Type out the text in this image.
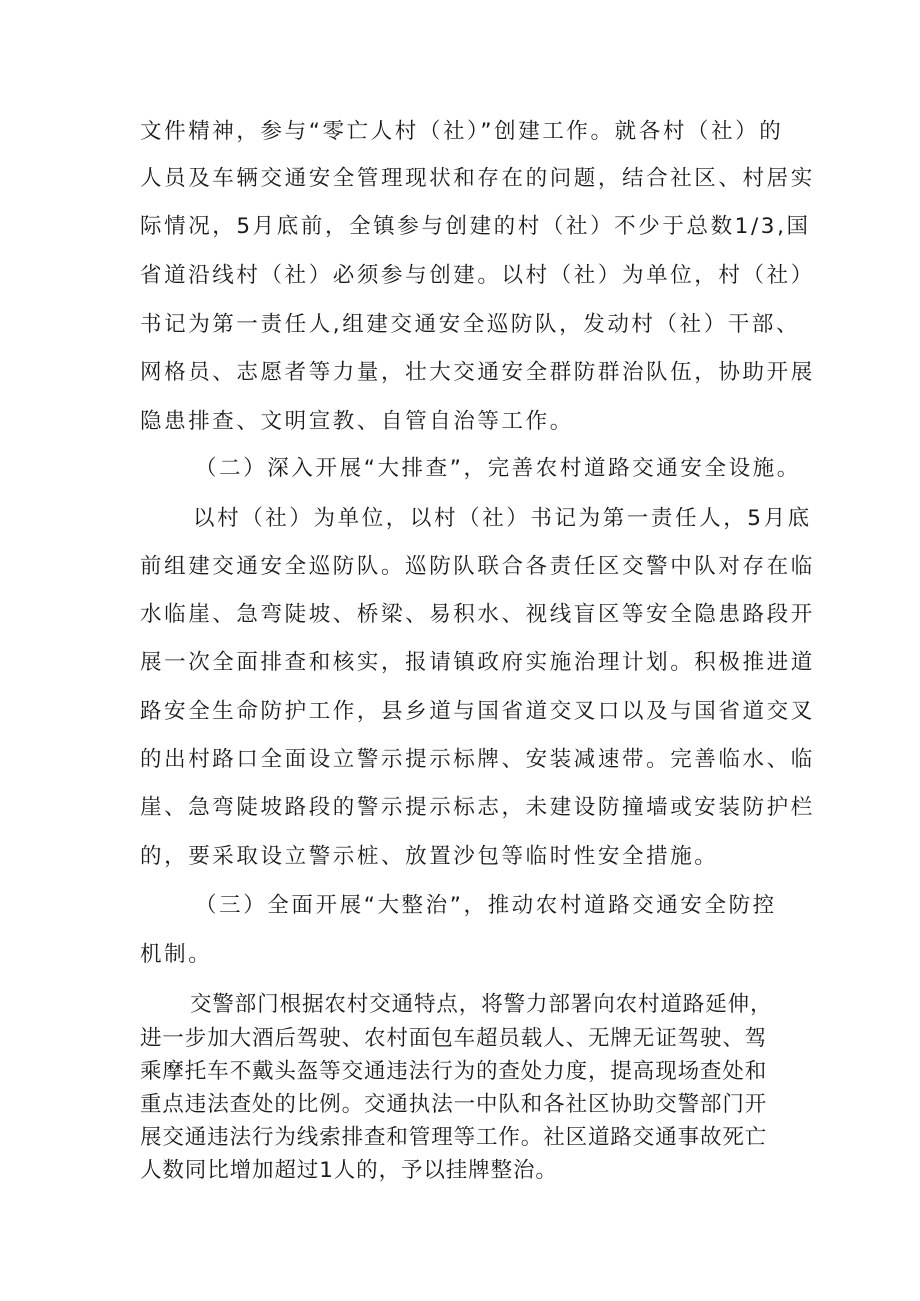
文件精神，参与“零亡人村（社）”创建工作。就各村（社）的
人员及车辆交通安全管理现状和存在的问题，结合社区、村居实
际情况，5月底前，全镇参与创建的村（社）不少于总数1/3,国
省道沿线村（社）必须参与创建。以村（社）为单位，村（社）
书记为第一责任人,组建交通安全巡防队，发动村（社）干部、
网格员、志愿者等力量，壮大交通安全群防群治队伍，协助开展
隐患排查、文明宣教、自管自治等工作。
（二）深入开展“大排查”，完善农村道路交通安全设施。
以村（社）为单位，以村（社）书记为第一责任人，5月底
前组建交通安全巡防队。巡防队联合各责任区交警中队对存在临
水临崖、急弯陡坡、桥梁、易积水、视线盲区等安全隐患路段开
展一次全面排查和核实，报请镇政府实施治理计划。积极推进道
路安全生命防护工作，县乡道与国省道交叉口以及与国省道交叉
的出村路口全面设立警示提示标牌、安装减速带。完善临水、临
崖、急弯陡坡路段的警示提示标志，未建设防撞墙或安装防护栏
的，要采取设立警示桩、放置沙包等临时性安全措施。
（三）全面开展“大整治”，推动农村道路交通安全防控
机制。
交警部门根据农村交通特点，将警力部署向农村道路延伸，
进一步加大酒后驾驶、农村面包车超员载人、无牌无证驾驶、驾
乘摩托车不戴头盔等交通违法行为的查处力度，提高现场查处和
重点违法查处的比例。交通执法一中队和各社区协助交警部门开
展交通违法行为线索排查和管理等工作。社区道路交通事故死亡
人数同比增加超过1人的，予以挂牌整治。
